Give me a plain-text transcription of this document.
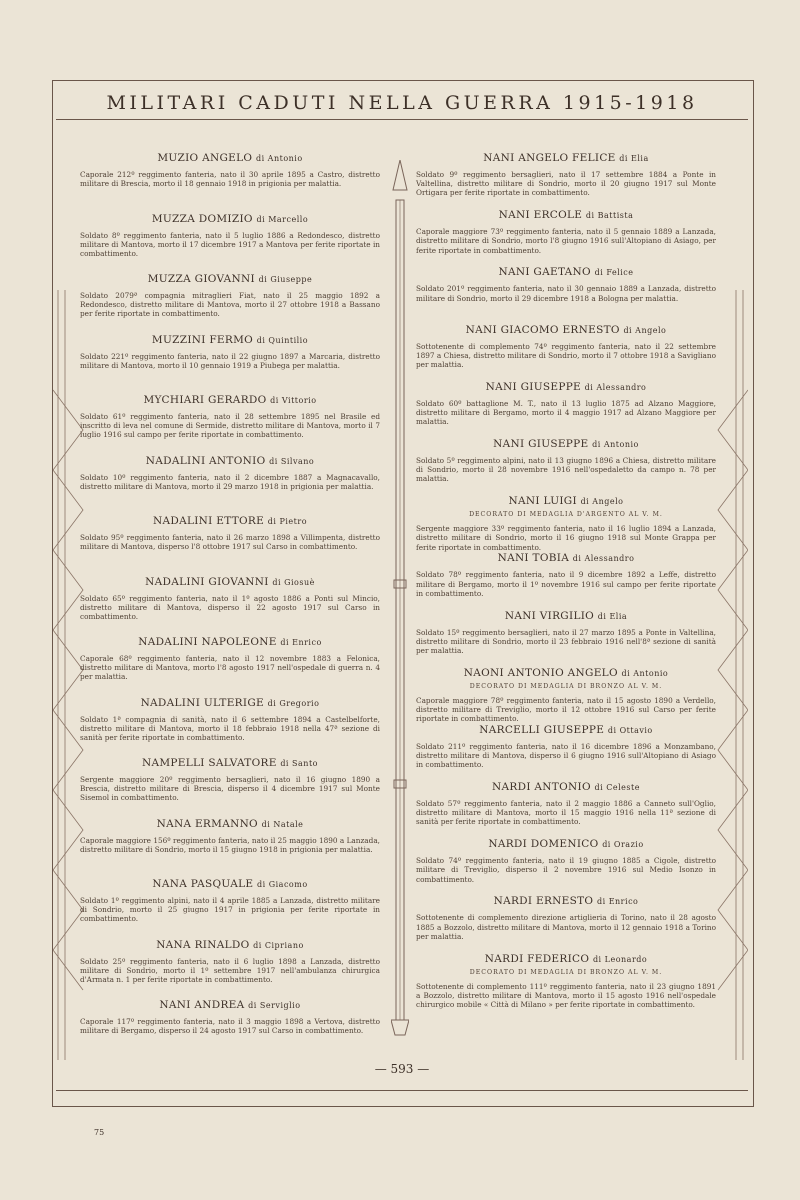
MILITARI CADUTI NELLA GUERRA 1915-1918
MUZIO ANGELO di Antonio

Caporale 212º reggimento fanteria, nato il 30 aprile 1895 a Castro, distretto militare di Brescia, morto il 18 gennaio 1918 in prigionia per malattia.

MUZZA DOMIZIO di Marcello

Soldato 8º reggimento fanteria, nato il 5 luglio 1886 a Redondesco, distretto militare di Mantova, morto il 17 dicembre 1917 a Mantova per ferite riportate in combattimento.

MUZZA GIOVANNI di Giuseppe

Soldato 2079ª compagnia mitraglieri Fiat, nato il 25 maggio 1892 a Redondesco, distretto militare di Mantova, morto il 27 ottobre 1918 a Bassano per ferite riportate in combattimento.

MUZZINI FERMO di Quintilio

Soldato 221º reggimento fanteria, nato il 22 giugno 1897 a Marcaria, distretto militare di Mantova, morto il 10 gennaio 1919 a Piubega per malattia.

MYCHIARI GERARDO di Vittorio

Soldato 61º reggimento fanteria, nato il 28 settembre 1895 nel Brasile ed inscritto di leva nel comune di Sermide, distretto militare di Mantova, morto il 7 luglio 1916 sul campo per ferite riportate in combattimento.

NADALINI ANTONIO di Silvano

Soldato 10º reggimento fanteria, nato il 2 dicembre 1887 a Magnacavallo, distretto militare di Mantova, morto il 29 marzo 1918 in prigionia per malattia.

NADALINI ETTORE di Pietro

Soldato 95º reggimento fanteria, nato il 26 marzo 1898 a Villimpenta, distretto militare di Mantova, disperso l'8 ottobre 1917 sul Carso in combattimento.

NADALINI GIOVANNI di Giosuè

Soldato 65º reggimento fanteria, nato il 1º agosto 1886 a Ponti sul Mincio, distretto militare di Mantova, disperso il 22 agosto 1917 sul Carso in combattimento.

NADALINI NAPOLEONE di Enrico

Caporale 68º reggimento fanteria, nato il 12 novembre 1883 a Felonica, distretto militare di Mantova, morto l'8 agosto 1917 nell'ospedale di guerra n. 4 per malattia.

NADALINI ULTERIGE di Gregorio

Soldato 1ª compagnia di sanità, nato il 6 settembre 1894 a Castelbelforte, distretto militare di Mantova, morto il 18 febbraio 1918 nella 47ª sezione di sanità per ferite riportate in combattimento.

NAMPELLI SALVATORE di Santo

Sergente maggiore 20º reggimento bersaglieri, nato il 16 giugno 1890 a Brescia, distretto militare di Brescia, disperso il 4 dicembre 1917 sul Monte Sisemol in combattimento.

NANA ERMANNO di Natale

Caporale maggiore 156º reggimento fanteria, nato il 25 maggio 1890 a Lanzada, distretto militare di Sondrio, morto il 15 giugno 1918 in prigionia per malattia.

NANA PASQUALE di Giacomo

Soldato 1º reggimento alpini, nato il 4 aprile 1885 a Lanzada, distretto militare di Sondrio, morto il 25 giugno 1917 in prigionia per ferite riportate in combattimento.

NANA RINALDO di Cipriano

Soldato 25º reggimento fanteria, nato il 6 luglio 1898 a Lanzada, distretto militare di Sondrio, morto il 1º settembre 1917 nell'ambulanza chirurgica d'Armata n. 1 per ferite riportate in combattimento.

NANI ANDREA di Serviglio

Caporale 117º reggimento fanteria, nato il 3 maggio 1898 a Vertova, distretto militare di Bergamo, disperso il 24 agosto 1917 sul Carso in combattimento.

NANI ANGELO FELICE di Elia

Soldato 9º reggimento bersaglieri, nato il 17 settembre 1884 a Ponte in Valtellina, distretto militare di Sondrio, morto il 20 giugno 1917 sul Monte Ortigara per ferite riportate in combattimento.

NANI ERCOLE di Battista

Caporale maggiore 73º reggimento fanteria, nato il 5 gennaio 1889 a Lanzada, distretto militare di Sondrio, morto l'8 giugno 1916 sull'Altopiano di Asiago, per ferite riportate in combattimento.

NANI GAETANO di Felice

Soldato 201º reggimento fanteria, nato il 30 gennaio 1889 a Lanzada, distretto militare di Sondrio, morto il 29 dicembre 1918 a Bologna per malattia.

NANI GIACOMO ERNESTO di Angelo

Sottotenente di complemento 74º reggimento fanteria, nato il 22 settembre 1897 a Chiesa, distretto militare di Sondrio, morto il 7 ottobre 1918 a Savigliano per malattia.

NANI GIUSEPPE di Alessandro

Soldato 60º battaglione M. T., nato il 13 luglio 1875 ad Alzano Maggiore, distretto militare di Bergamo, morto il 4 maggio 1917 ad Alzano Maggiore per malattia.

NANI GIUSEPPE di Antonio

Soldato 5º reggimento alpini, nato il 13 giugno 1896 a Chiesa, distretto militare di Sondrio, morto il 28 novembre 1916 nell'ospedaletto da campo n. 78 per malattia.

NANI LUIGI di Angelo
DECORATO DI MEDAGLIA D'ARGENTO AL V. M.

Sergente maggiore 33º reggimento fanteria, nato il 16 luglio 1894 a Lanzada, distretto militare di Sondrio, morto il 16 giugno 1918 sul Monte Grappa per ferite riportate in combattimento.

NANI TOBIA di Alessandro

Soldato 78º reggimento fanteria, nato il 9 dicembre 1892 a Leffe, distretto militare di Bergamo, morto il 1º novembre 1916 sul campo per ferite riportate in combattimento.

NANI VIRGILIO di Elia

Soldato 15º reggimento bersaglieri, nato il 27 marzo 1895 a Ponte in Valtellina, distretto militare di Sondrio, morto il 23 febbraio 1916 nell'8ª sezione di sanità per malattia.

NAONI ANTONIO ANGELO di Antonio
DECORATO DI MEDAGLIA DI BRONZO AL V. M.

Caporale maggiore 78º reggimento fanteria, nato il 15 agosto 1890 a Verdello, distretto militare di Treviglio, morto il 12 ottobre 1916 sul Carso per ferite riportate in combattimento.

NARCELLI GIUSEPPE di Ottavio

Soldato 211º reggimento fanteria, nato il 16 dicembre 1896 a Monzambano, distretto militare di Mantova, disperso il 6 giugno 1916 sull'Altopiano di Asiago in combattimento.

NARDI ANTONIO di Celeste

Soldato 57º reggimento fanteria, nato il 2 maggio 1886 a Canneto sull'Oglio, distretto militare di Mantova, morto il 15 maggio 1916 nella 11ª sezione di sanità per ferite riportate in combattimento.

NARDI DOMENICO di Orazio

Soldato 74º reggimento fanteria, nato il 19 giugno 1885 a Cigole, distretto militare di Treviglio, disperso il 2 novembre 1916 sul Medio Isonzo in combattimento.

NARDI ERNESTO di Enrico

Sottotenente di complemento direzione artiglieria di Torino, nato il 28 agosto 1885 a Bozzolo, distretto militare di Mantova, morto il 12 gennaio 1918 a Torino per malattia.

NARDI FEDERICO di Leonardo
DECORATO DI MEDAGLIA DI BRONZO AL V. M.

Sottotenente di complemento 111º reggimento fanteria, nato il 23 giugno 1891 a Bozzolo, distretto militare di Mantova, morto il 15 agosto 1916 nell'ospedale chirurgico mobile « Città di Milano » per ferite riportate in combattimento.

— 593 —
75
